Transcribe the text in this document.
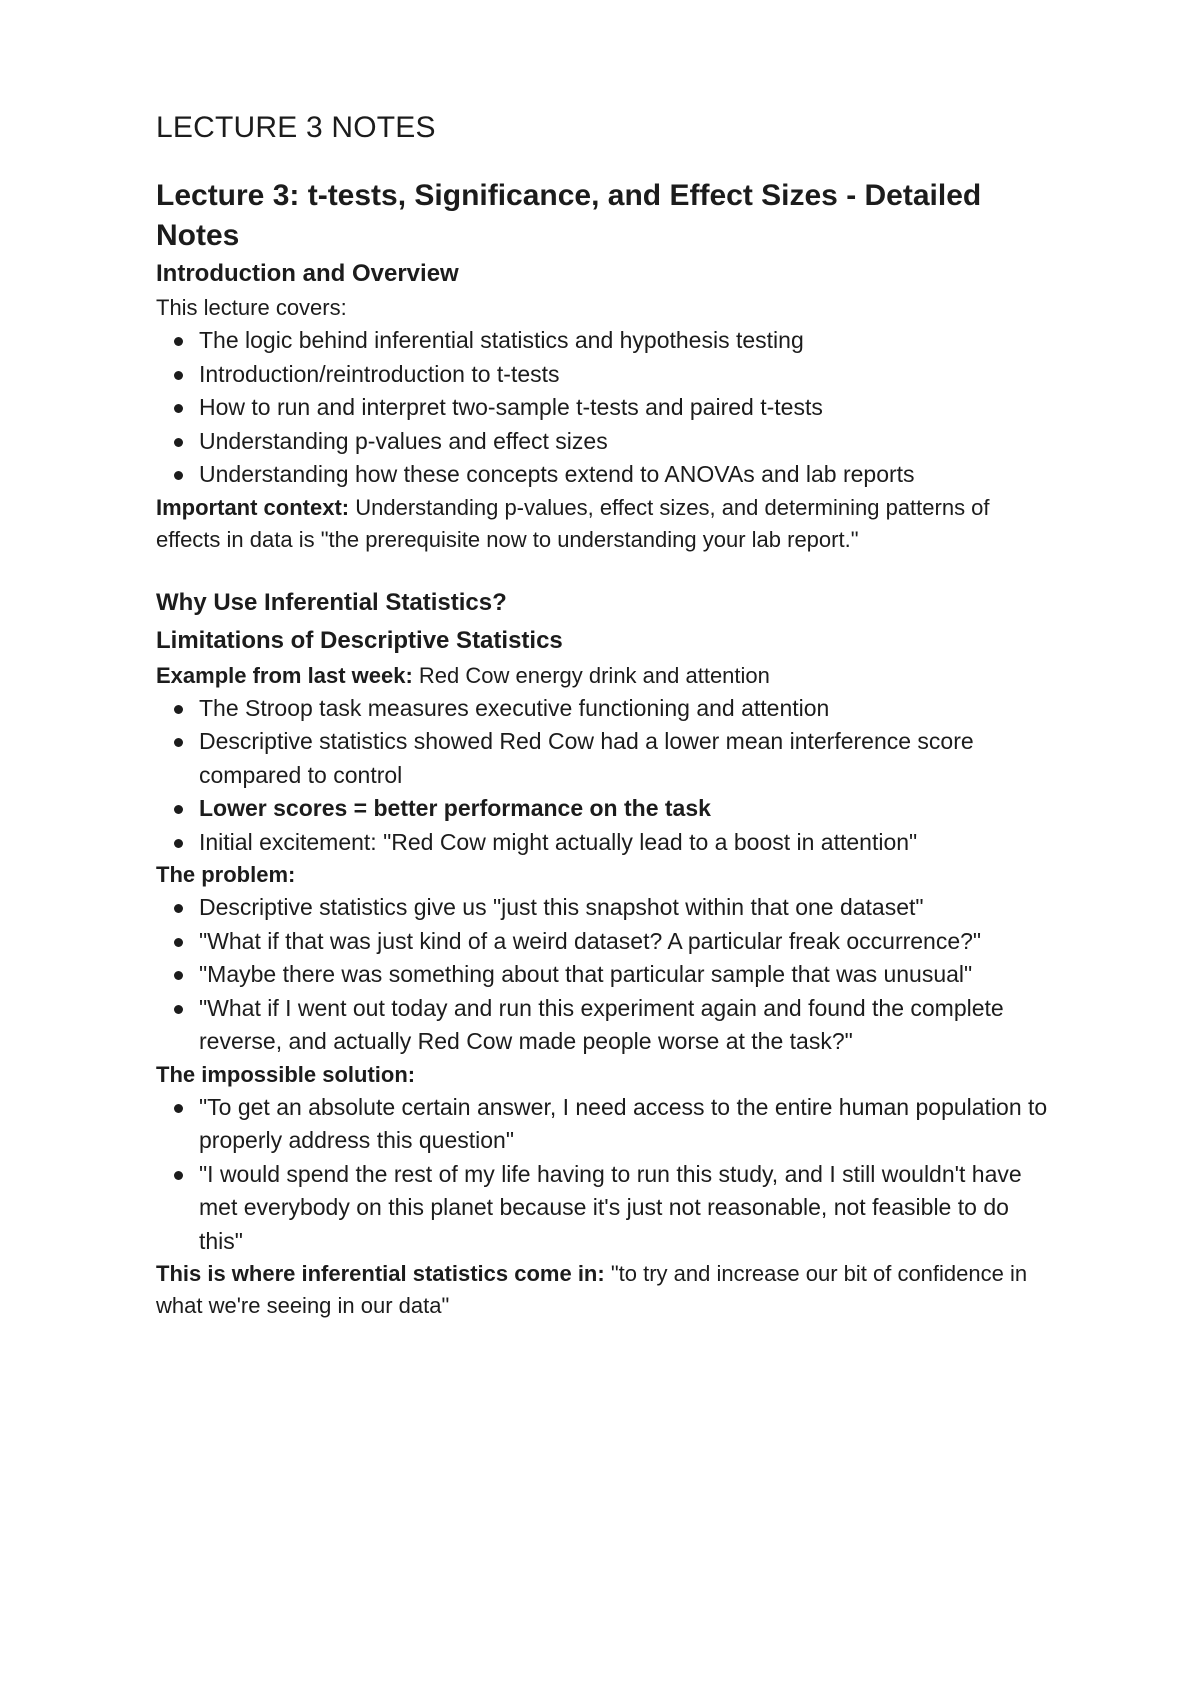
LECTURE 3 NOTES
Lecture 3: t-tests, Significance, and Effect Sizes - Detailed Notes
Introduction and Overview

This lecture covers:

The logic behind inferential statistics and hypothesis testing
Introduction/reintroduction to t-tests
How to run and interpret two-sample t-tests and paired t-tests
Understanding p-values and effect sizes
Understanding how these concepts extend to ANOVAs and lab reports

Important context: Understanding p-values, effect sizes, and determining patterns of effects in data is "the prerequisite now to understanding your lab report."

Why Use Inferential Statistics?
Limitations of Descriptive Statistics

Example from last week: Red Cow energy drink and attention

The Stroop task measures executive functioning and attention
Descriptive statistics showed Red Cow had a lower mean interference score compared to control
Lower scores = better performance on the task
Initial excitement: "Red Cow might actually lead to a boost in attention"

The problem:

Descriptive statistics give us "just this snapshot within that one dataset"
"What if that was just kind of a weird dataset? A particular freak occurrence?"
"Maybe there was something about that particular sample that was unusual"
"What if I went out today and run this experiment again and found the complete reverse, and actually Red Cow made people worse at the task?"

The impossible solution:

"To get an absolute certain answer, I need access to the entire human population to properly address this question"
"I would spend the rest of my life having to run this study, and I still wouldn't have met everybody on this planet because it's just not reasonable, not feasible to do this"

This is where inferential statistics come in: "to try and increase our bit of confidence in what we're seeing in our data"
